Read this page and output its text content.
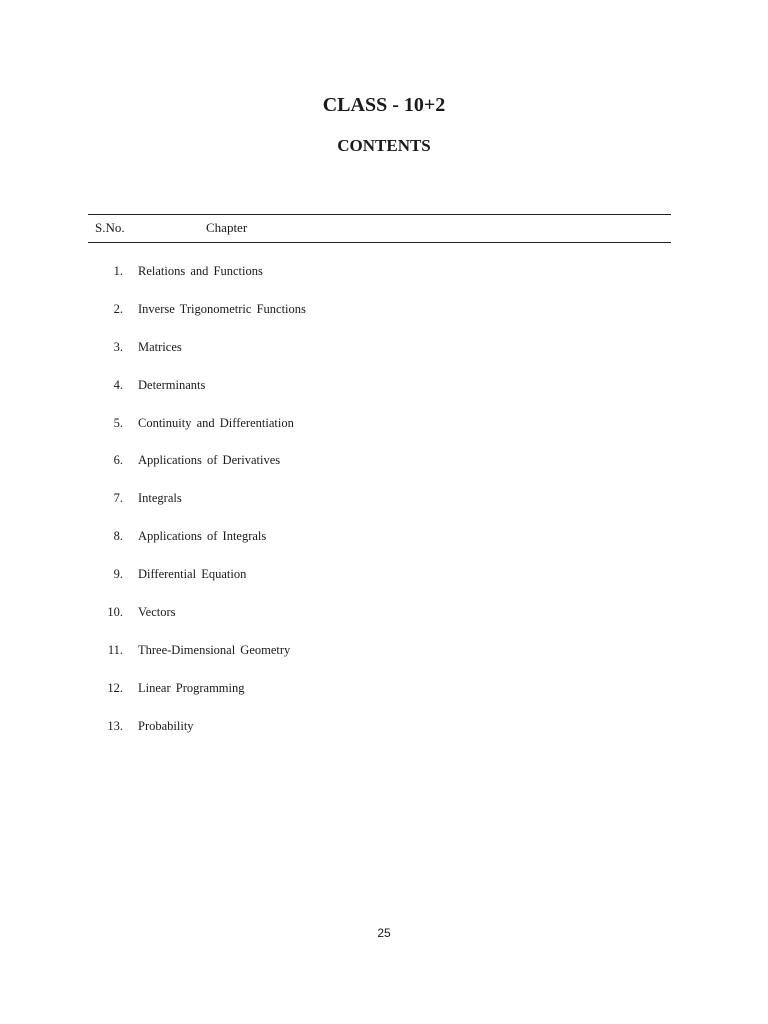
CLASS - 10+2
CONTENTS
S.No.	Chapter
1. Relations and Functions
2. Inverse Trigonometric Functions
3. Matrices
4. Determinants
5. Continuity and Differentiation
6. Applications of Derivatives
7. Integrals
8. Applications of Integrals
9. Differential Equation
10. Vectors
11. Three-Dimensional Geometry
12. Linear Programming
13. Probability
25
